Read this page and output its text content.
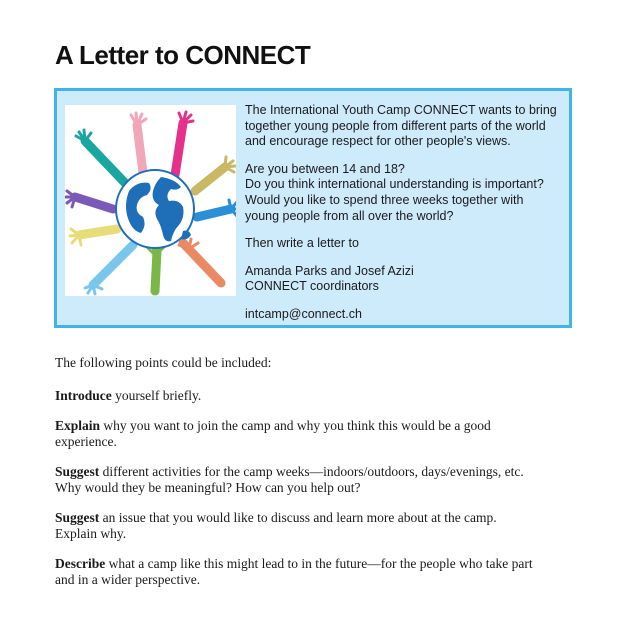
A Letter to CONNECT

The International Youth Camp CONNECT wants to bring
together young people from different parts of the world
and encourage respect for other people's views.

Are you between 14 and 18?
Do you think international understanding is important?
Would you like to spend three weeks together with
young people from all over the world?

Then write a letter to

Amanda Parks and Josef Azizi
CONNECT coordinators

intcamp@connect.ch

The following points could be included:

Introduce yourself briefly.

Explain why you want to join the camp and why you think this would be a good
experience.

Suggest different activities for the camp weeks—indoors/outdoors, days/evenings, etc.
Why would they be meaningful? How can you help out?

Suggest an issue that you would like to discuss and learn more about at the camp.
Explain why.

Describe what a camp like this might lead to in the future—for the people who take part
and in a wider perspective.
